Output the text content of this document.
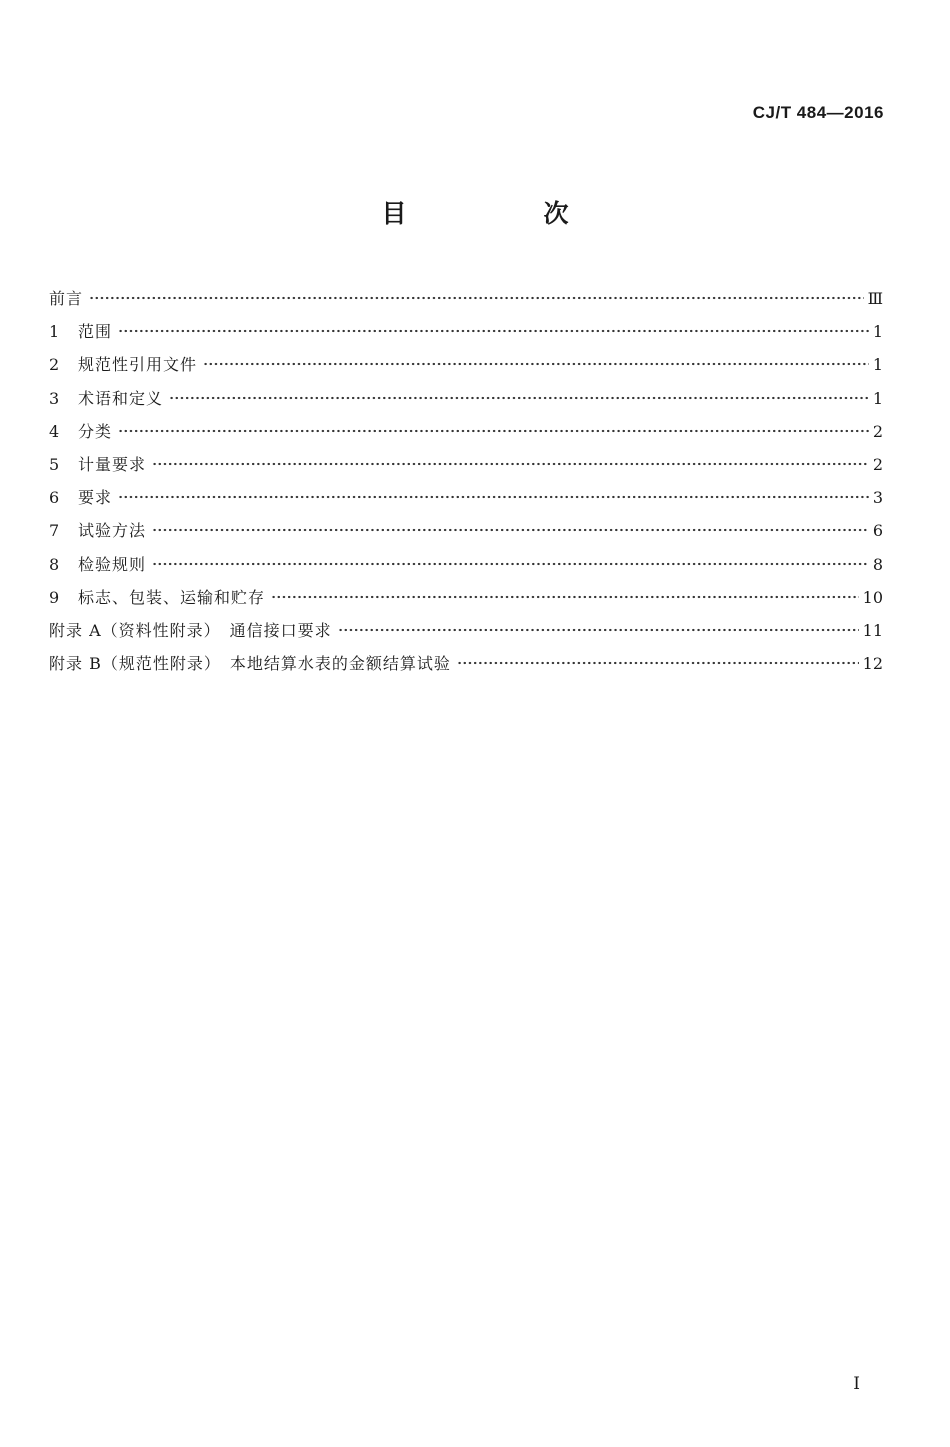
CJ/T 484—2016
目　次
前言	Ⅲ
1	范围	1
2	规范性引用文件	1
3	术语和定义	1
4	分类	2
5	计量要求	2
6	要求	3
7	试验方法	6
8	检验规则	8
9	标志、包装、运输和贮存	10
附录 A（资料性附录）　通信接口要求	11
附录 B（规范性附录）　本地结算水表的金额结算试验	12
I
